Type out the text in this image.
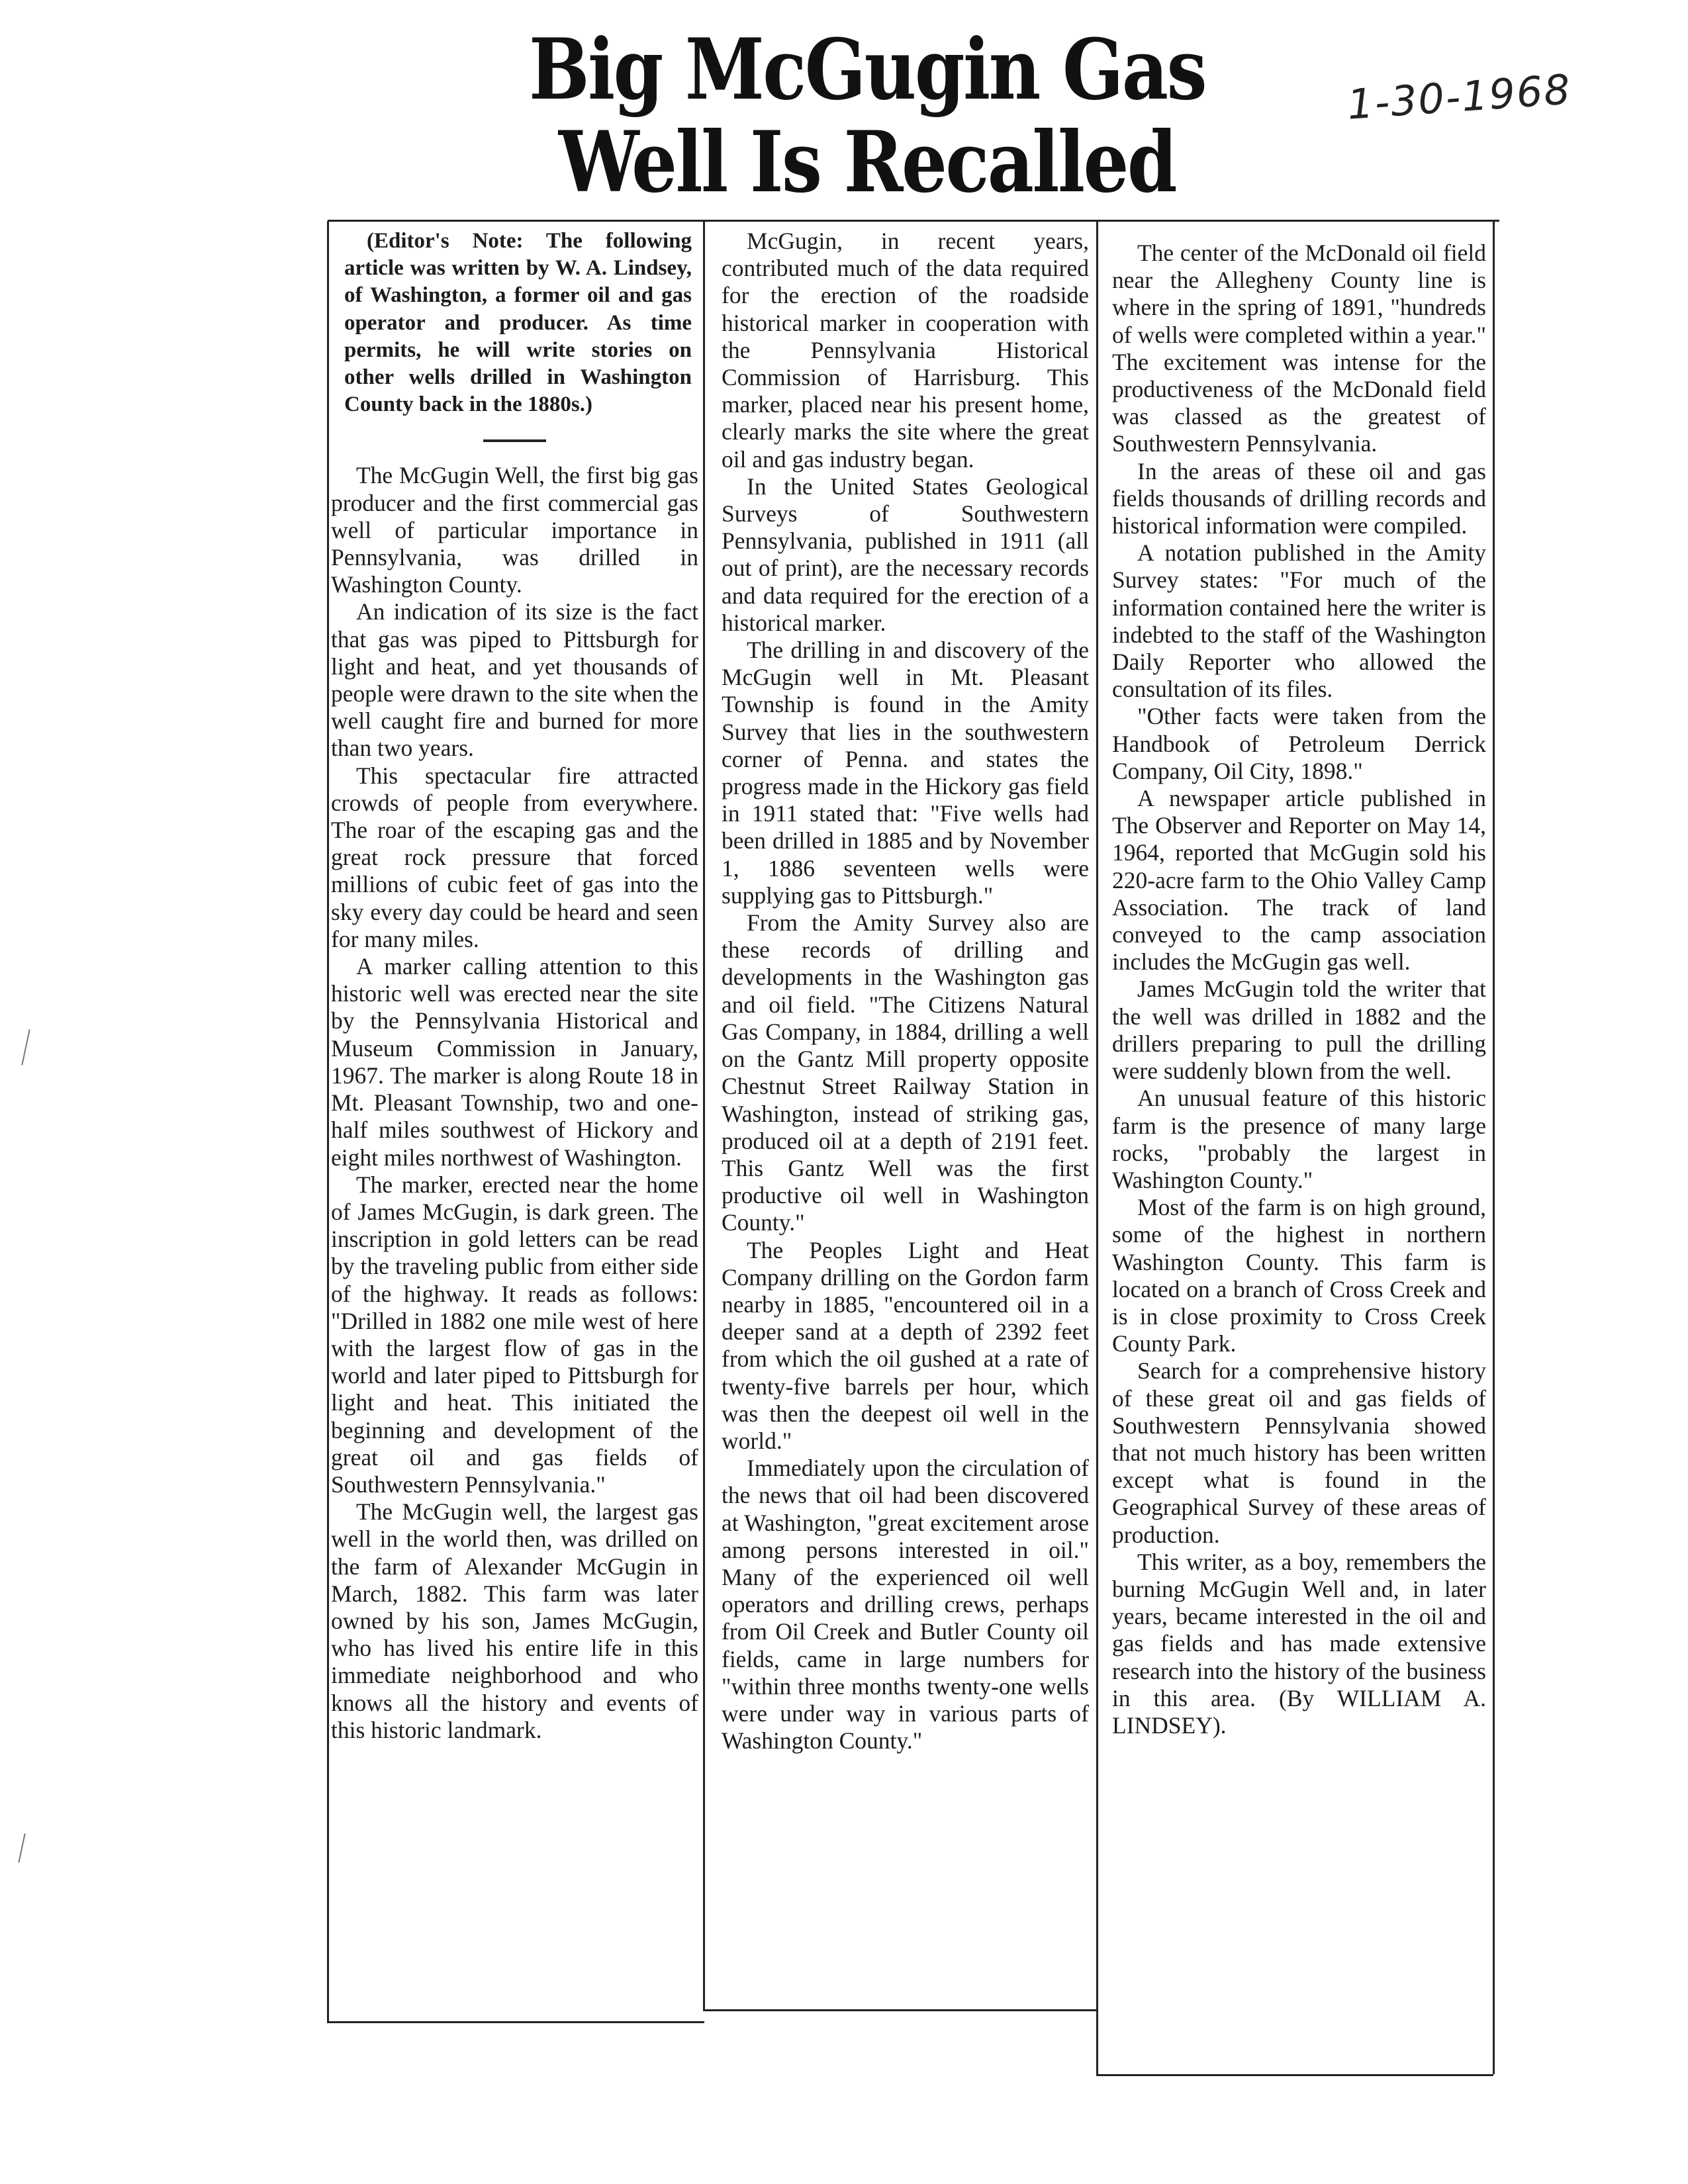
Big McGugin Gas
Well Is Recalled
1-30-1968

(Editor's Note: The following article was written by W. A. Lindsey, of Washington, a former oil and gas operator and producer. As time permits, he will write stories on other wells drilled in Washington County back in the 1880s.)

The McGugin Well, the first big gas producer and the first commercial gas well of particular importance in Pennsylvania, was drilled in Washington County.

An indication of its size is the fact that gas was piped to Pittsburgh for light and heat, and yet thousands of people were drawn to the site when the well caught fire and burned for more than two years.

This spectacular fire attracted crowds of people from everywhere. The roar of the escaping gas and the great rock pressure that forced millions of cubic feet of gas into the sky every day could be heard and seen for many miles.

A marker calling attention to this historic well was erected near the site by the Pennsylvania Historical and Museum Commission in January, 1967. The marker is along Route 18 in Mt. Pleasant Township, two and one-half miles southwest of Hickory and eight miles northwest of Washington.

The marker, erected near the home of James McGugin, is dark green. The inscription in gold letters can be read by the traveling public from either side of the highway. It reads as follows: "Drilled in 1882 one mile west of here with the largest flow of gas in the world and later piped to Pittsburgh for light and heat. This initiated the beginning and development of the great oil and gas fields of Southwestern Pennsylvania."

The McGugin well, the largest gas well in the world then, was drilled on the farm of Alexander McGugin in March, 1882. This farm was later owned by his son, James McGugin, who has lived his entire life in this immediate neighborhood and who knows all the history and events of this historic landmark.

McGugin, in recent years, contributed much of the data required for the erection of the roadside historical marker in cooperation with the Pennsylvania Historical Commission of Harrisburg. This marker, placed near his present home, clearly marks the site where the great oil and gas industry began.

In the United States Geological Surveys of Southwestern Pennsylvania, published in 1911 (all out of print), are the necessary records and data required for the erection of a historical marker.

The drilling in and discovery of the McGugin well in Mt. Pleasant Township is found in the Amity Survey that lies in the southwestern corner of Penna. and states the progress made in the Hickory gas field in 1911 stated that: "Five wells had been drilled in 1885 and by November 1, 1886 seventeen wells were supplying gas to Pittsburgh."

From the Amity Survey also are these records of drilling and developments in the Washington gas and oil field. "The Citizens Natural Gas Company, in 1884, drilling a well on the Gantz Mill property opposite Chestnut Street Railway Station in Washington, instead of striking gas, produced oil at a depth of 2191 feet. This Gantz Well was the first productive oil well in Washington County."

The Peoples Light and Heat Company drilling on the Gordon farm nearby in 1885, "encountered oil in a deeper sand at a depth of 2392 feet from which the oil gushed at a rate of twenty-five barrels per hour, which was then the deepest oil well in the world."

Immediately upon the circulation of the news that oil had been discovered at Washington, "great excitement arose among persons interested in oil." Many of the experienced oil well operators and drilling crews, perhaps from Oil Creek and Butler County oil fields, came in large numbers for "within three months twenty-one wells were under way in various parts of Washington County."

The center of the McDonald oil field near the Allegheny County line is where in the spring of 1891, "hundreds of wells were completed within a year." The excitement was intense for the productiveness of the McDonald field was classed as the greatest of Southwestern Pennsylvania.

In the areas of these oil and gas fields thousands of drilling records and historical information were compiled.

A notation published in the Amity Survey states: "For much of the information contained here the writer is indebted to the staff of the Washington Daily Reporter who allowed the consultation of its files.

"Other facts were taken from the Handbook of Petroleum Derrick Company, Oil City, 1898."

A newspaper article published in The Observer and Reporter on May 14, 1964, reported that McGugin sold his 220-acre farm to the Ohio Valley Camp Association. The track of land conveyed to the camp association includes the McGugin gas well.

James McGugin told the writer that the well was drilled in 1882 and the drillers preparing to pull the drilling were suddenly blown from the well.

An unusual feature of this historic farm is the presence of many large rocks, "probably the largest in Washington County."

Most of the farm is on high ground, some of the highest in northern Washington County. This farm is located on a branch of Cross Creek and is in close proximity to Cross Creek County Park.

Search for a comprehensive history of these great oil and gas fields of Southwestern Pennsylvania showed that not much history has been written except what is found in the Geographical Survey of these areas of production.

This writer, as a boy, remembers the burning McGugin Well and, in later years, became interested in the oil and gas fields and has made extensive research into the history of the business in this area. (By WILLIAM A. LINDSEY).
